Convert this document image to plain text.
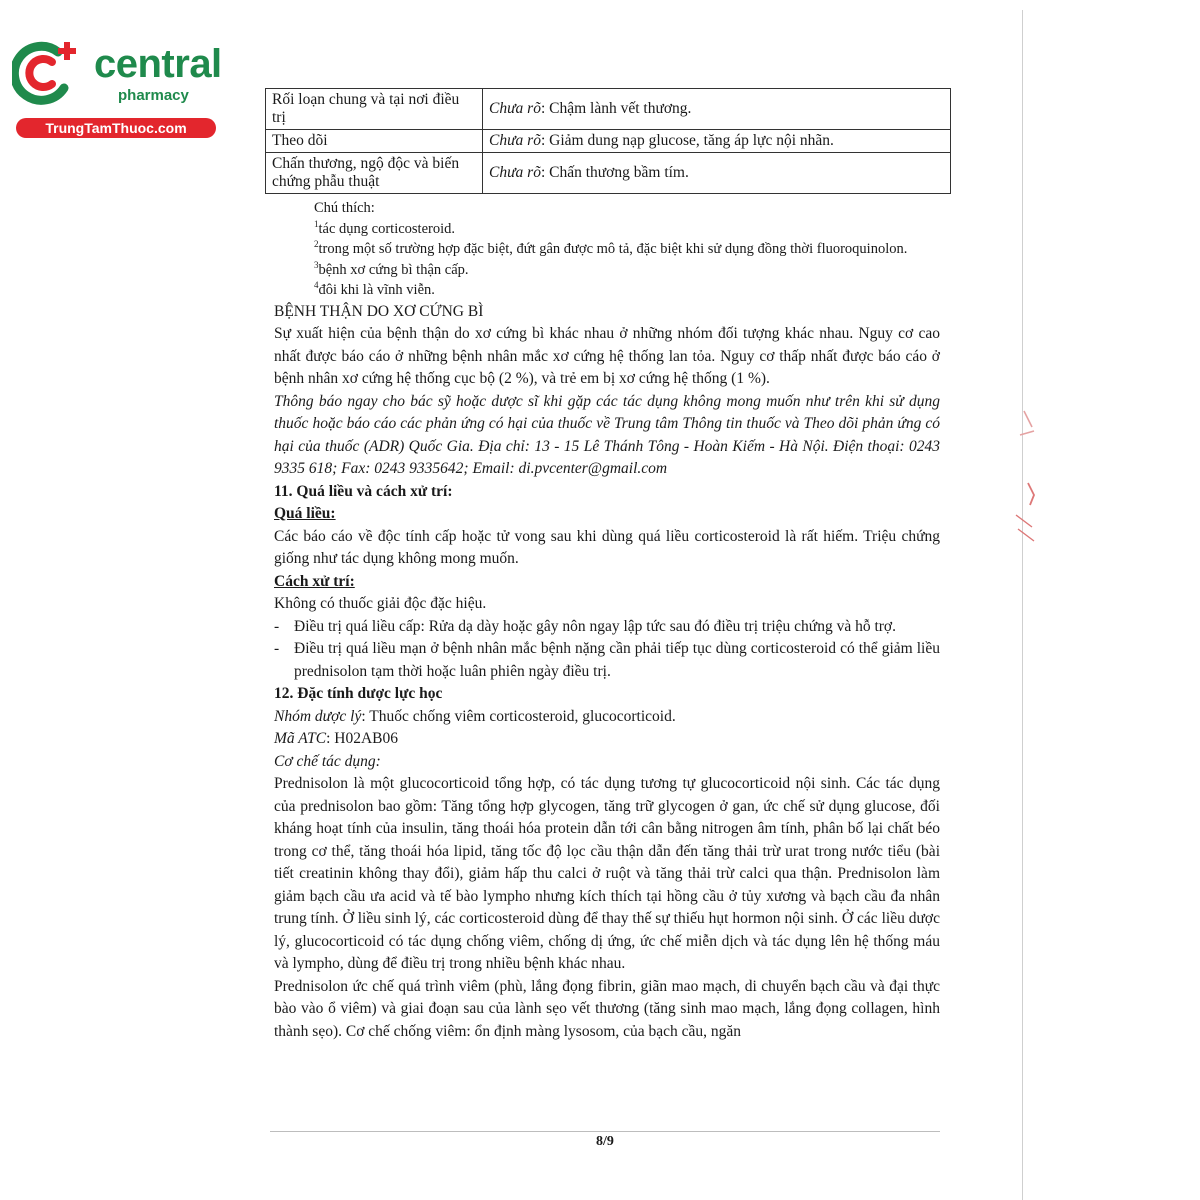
central
pharmacy
TrungTamThuoc.com
Rối loạn chung và tại nơi điều trị	Chưa rõ: Chậm lành vết thương.
Theo dõi	Chưa rõ: Giảm dung nạp glucose, tăng áp lực nội nhãn.
Chấn thương, ngộ độc và biến chứng phẫu thuật	Chưa rõ: Chấn thương bầm tím.

Chú thích:

$^1$tác dụng corticosteroid.

$^2$trong một số trường hợp đặc biệt, đứt gân được mô tả, đặc biệt khi sử dụng đồng thời fluoroquinolon.

$^3$bệnh xơ cứng bì thận cấp.

$^4$đôi khi là vĩnh viễn.

BỆNH THẬN DO XƠ CỨNG BÌ

Sự xuất hiện của bệnh thận do xơ cứng bì khác nhau ở những nhóm đối tượng khác nhau. Nguy cơ cao nhất được báo cáo ở những bệnh nhân mắc xơ cứng hệ thống lan tỏa. Nguy cơ thấp nhất được báo cáo ở bệnh nhân xơ cứng hệ thống cục bộ (2 %), và trẻ em bị xơ cứng hệ thống (1 %).

Thông báo ngay cho bác sỹ hoặc dược sĩ khi gặp các tác dụng không mong muốn như trên khi sử dụng thuốc hoặc báo cáo các phản ứng có hại của thuốc về Trung tâm Thông tin thuốc và Theo dõi phản ứng có hại của thuốc (ADR) Quốc Gia. Địa chỉ: 13 - 15 Lê Thánh Tông - Hoàn Kiếm - Hà Nội. Điện thoại: 0243 9335 618; Fax: 0243 9335642; Email: di.pvcenter@gmail.com

11. Quá liều và cách xử trí:

Quá liều:

Các báo cáo về độc tính cấp hoặc tử vong sau khi dùng quá liều corticosteroid là rất hiếm. Triệu chứng giống như tác dụng không mong muốn.

Cách xử trí:

Không có thuốc giải độc đặc hiệu.

- Điều trị quá liều cấp: Rửa dạ dày hoặc gây nôn ngay lập tức sau đó điều trị triệu chứng và hỗ trợ.

- Điều trị quá liều mạn ở bệnh nhân mắc bệnh nặng cần phải tiếp tục dùng corticosteroid có thể giảm liều prednisolon tạm thời hoặc luân phiên ngày điều trị.

12. Đặc tính dược lực học

Nhóm dược lý: Thuốc chống viêm corticosteroid, glucocorticoid.

Mã ATC: H02AB06

Cơ chế tác dụng:

Prednisolon là một glucocorticoid tổng hợp, có tác dụng tương tự glucocorticoid nội sinh. Các tác dụng của prednisolon bao gồm: Tăng tổng hợp glycogen, tăng trữ glycogen ở gan, ức chế sử dụng glucose, đối kháng hoạt tính của insulin, tăng thoái hóa protein dẫn tới cân bằng nitrogen âm tính, phân bố lại chất béo trong cơ thể, tăng thoái hóa lipid, tăng tốc độ lọc cầu thận dẫn đến tăng thải trừ urat trong nước tiểu (bài tiết creatinin không thay đổi), giảm hấp thu calci ở ruột và tăng thải trừ calci qua thận. Prednisolon làm giảm bạch cầu ưa acid và tế bào lympho nhưng kích thích tại hồng cầu ở tủy xương và bạch cầu đa nhân trung tính. Ở liều sinh lý, các corticosteroid dùng để thay thế sự thiếu hụt hormon nội sinh. Ở các liều dược lý, glucocorticoid có tác dụng chống viêm, chống dị ứng, ức chế miễn dịch và tác dụng lên hệ thống máu và lympho, dùng để điều trị trong nhiều bệnh khác nhau.

Prednisolon ức chế quá trình viêm (phù, lắng đọng fibrin, giãn mao mạch, di chuyển bạch cầu và đại thực bào vào ổ viêm) và giai đoạn sau của lành sẹo vết thương (tăng sinh mao mạch, lắng đọng collagen, hình thành sẹo). Cơ chế chống viêm: ổn định màng lysosom, của bạch cầu, ngăn

8/9
